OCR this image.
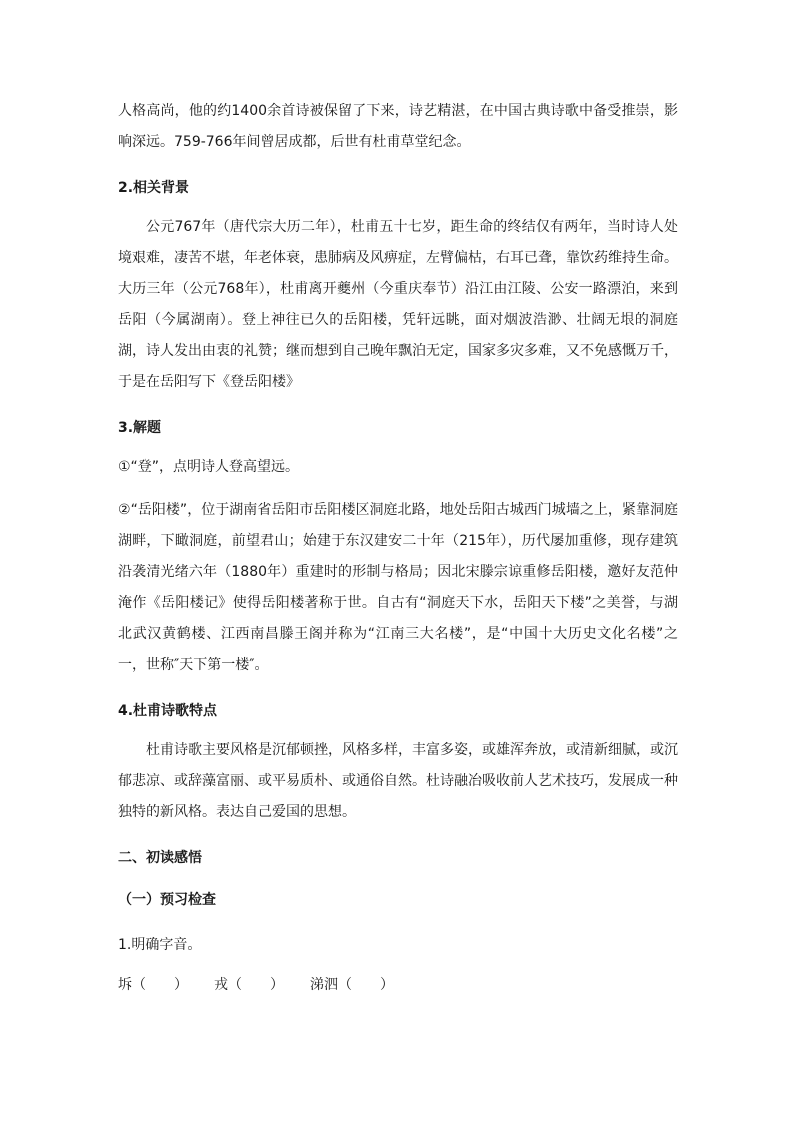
人格高尚，他的约1400余首诗被保留了下来，诗艺精湛，在中国古典诗歌中备受推崇，影响深远。759-766年间曾居成都，后世有杜甫草堂纪念。

2.相关背景

公元767年（唐代宗大历二年），杜甫五十七岁，距生命的终结仅有两年，当时诗人处境艰难，凄苦不堪，年老体衰，患肺病及风痹症，左臂偏枯，右耳已聋，靠饮药维持生命。大历三年（公元768年），杜甫离开夔州（今重庆奉节）沿江由江陵、公安一路漂泊，来到岳阳（今属湖南）。登上神往已久的岳阳楼，凭轩远眺，面对烟波浩渺、壮阔无垠的洞庭湖，诗人发出由衷的礼赞；继而想到自己晚年飘泊无定，国家多灾多难，又不免感慨万千，于是在岳阳写下《登岳阳楼》

3.解题

①“登”，点明诗人登高望远。

②“岳阳楼”，位于湖南省岳阳市岳阳楼区洞庭北路，地处岳阳古城西门城墙之上，紧靠洞庭湖畔，下瞰洞庭，前望君山；始建于东汉建安二十年（215年），历代屡加重修，现存建筑沿袭清光绪六年（1880年）重建时的形制与格局；因北宋滕宗谅重修岳阳楼，邀好友范仲淹作《岳阳楼记》使得岳阳楼著称于世。自古有“洞庭天下水，岳阳天下楼”之美誉，与湖北武汉黄鹤楼、江西南昌滕王阁并称为“江南三大名楼”，是“中国十大历史文化名楼”之一，世称″天下第一楼″。

4.杜甫诗歌特点

杜甫诗歌主要风格是沉郁顿挫，风格多样，丰富多姿，或雄浑奔放，或清新细腻，或沉郁悲凉、或辞藻富丽、或平易质朴、或通俗自然。杜诗融冶吸收前人艺术技巧，发展成一种独特的新风格。表达自己爱国的思想。

二、初读感悟

（一）预习检查

1.明确字音。

坼（　　） 戎（　　） 涕泗（　　）
